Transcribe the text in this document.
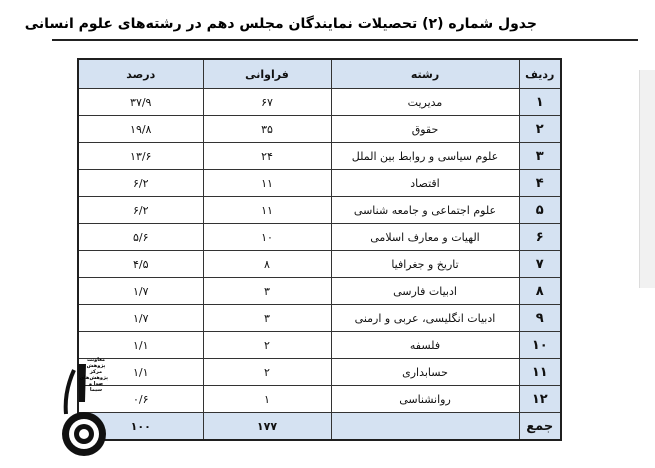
جدول شماره (۲) تحصیلات نمایندگان مجلس دهم در رشته‌های علوم انسانی
ردیف	رشته	فراوانی	درصد
۱	مدیریت	۶۷	۳۷/۹
۲	حقوق	۳۵	۱۹/۸
۳	علوم سیاسی و روابط بین الملل	۲۴	۱۳/۶
۴	اقتصاد	۱۱	۶/۲
۵	علوم اجتماعی و جامعه شناسی	۱۱	۶/۲
۶	الهیات و معارف اسلامی	۱۰	۵/۶
۷	تاریخ و جغرافیا	۸	۴/۵
۸	ادبیات فارسی	۳	۱/۷
۹	ادبیات انگلیسی، عربی و ارمنی	۳	۱/۷
۱۰	فلسفه	۲	۱/۱
۱۱	حسابداری	۲	۱/۱
۱۲	روانشناسی	۱	۰/۶
جمع		۱۷۷	۱۰۰
معاونت
پژوهش
مرکز
پژوهش‌های
صدا و سیما
